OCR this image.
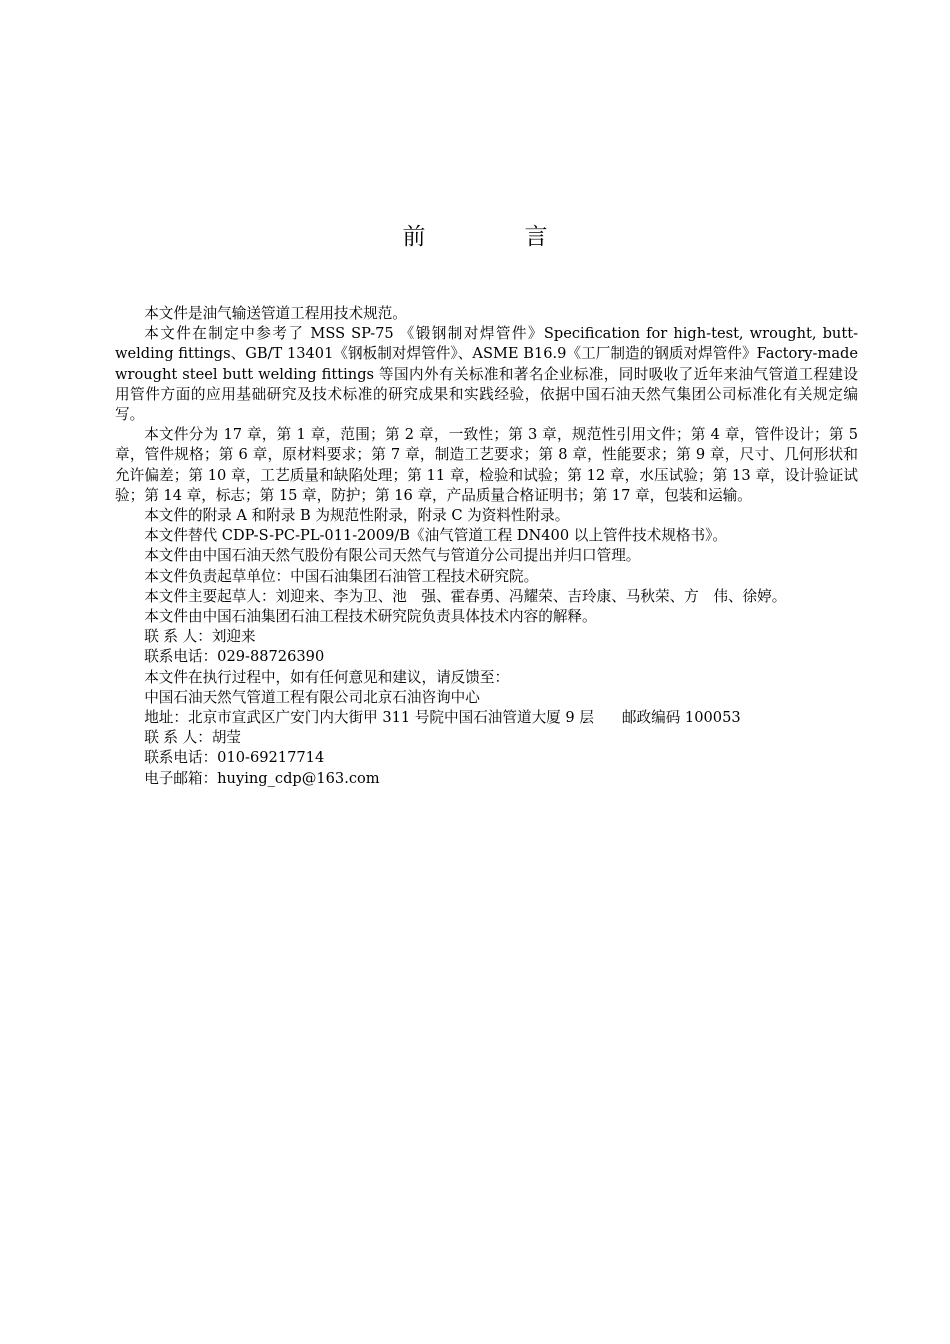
前　言

本文件是油气输送管道工程用技术规范。

本文件在制定中参考了 MSS SP-75 《锻钢制对焊管件》Specification for high-test, wrought, butt-welding fittings、GB/T 13401《钢板制对焊管件》、ASME B16.9《工厂制造的钢质对焊管件》Factory-made wrought steel butt welding fittings 等国内外有关标准和著名企业标准，同时吸收了近年来油气管道工程建设用管件方面的应用基础研究及技术标准的研究成果和实践经验，依据中国石油天然气集团公司标准化有关规定编写。

本文件分为 17 章，第 1 章，范围；第 2 章，一致性；第 3 章，规范性引用文件；第 4 章，管件设计；第 5 章，管件规格；第 6 章，原材料要求；第 7 章，制造工艺要求；第 8 章，性能要求；第 9 章，尺寸、几何形状和允许偏差；第 10 章，工艺质量和缺陷处理；第 11 章，检验和试验；第 12 章，水压试验；第 13 章，设计验证试验；第 14 章，标志；第 15 章，防护；第 16 章，产品质量合格证明书；第 17 章，包装和运输。

本文件的附录 A 和附录 B 为规范性附录，附录 C 为资料性附录。

本文件替代 CDP-S-PC-PL-011-2009/B《油气管道工程 DN400 以上管件技术规格书》。

本文件由中国石油天然气股份有限公司天然气与管道分公司提出并归口管理。

本文件负责起草单位：中国石油集团石油管工程技术研究院。

本文件主要起草人：刘迎来、李为卫、池　强、霍春勇、冯耀荣、吉玲康、马秋荣、方　伟、徐婷。

本文件由中国石油集团石油工程技术研究院负责具体技术内容的解释。

联 系 人：刘迎来

联系电话：029-88726390

本文件在执行过程中，如有任何意见和建议，请反馈至：

中国石油天然气管道工程有限公司北京石油咨询中心

地址：北京市宣武区广安门内大街甲 311 号院中国石油管道大厦 9 层 邮政编码 100053

联 系 人：胡莹

联系电话：010-69217714

电子邮箱：huying_cdp@163.com
